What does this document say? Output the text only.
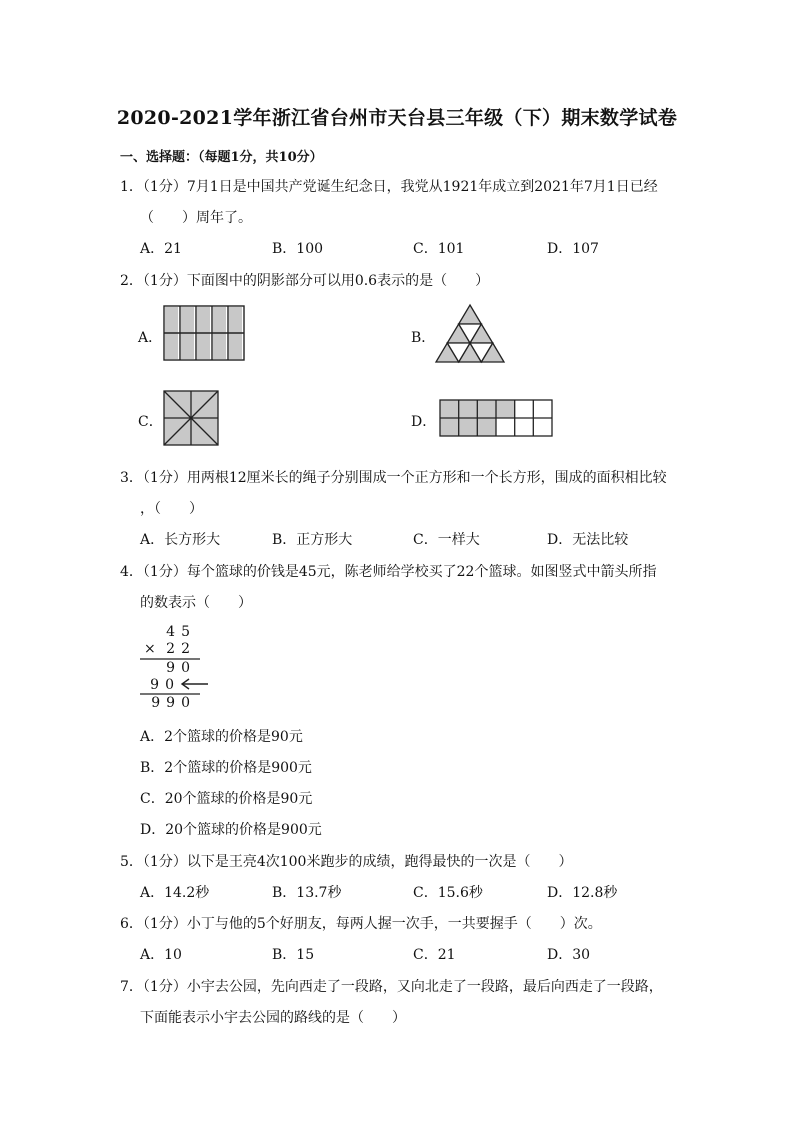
2020-2021学年浙江省台州市天台县三年级（下）期末数学试卷
一、选择题：（每题1分，共10分）
1．（1分）7月1日是中国共产党诞生纪念日，我党从1921年成立到2021年7月1日已经
（　　）周年了。
A．21	B．100	C．101	D．107
2．（1分）下面图中的阴影部分可以用0.6表示的是（　　）
A．	B．
C．	D．
3．（1分）用两根12厘米长的绳子分别围成一个正方形和一个长方形，围成的面积相比较
，（　　）
A．长方形大	B．正方形大	C．一样大	D．无法比较
4．（1分）每个篮球的价钱是45元，陈老师给学校买了22个篮球。如图竖式中箭头所指
的数表示（　　）
45
× 22
90
90
990
A．2个篮球的价格是90元
B．2个篮球的价格是900元
C．20个篮球的价格是90元
D．20个篮球的价格是900元
5．（1分）以下是王亮4次100米跑步的成绩，跑得最快的一次是（　　）
A．14.2秒	B．13.7秒	C．15.6秒	D．12.8秒
6．（1分）小丁与他的5个好朋友，每两人握一次手，一共要握手（　　）次。
A．10	B．15	C．21	D．30
7．（1分）小宇去公园，先向西走了一段路，又向北走了一段路，最后向西走了一段路，
下面能表示小宇去公园的路线的是（　　）
